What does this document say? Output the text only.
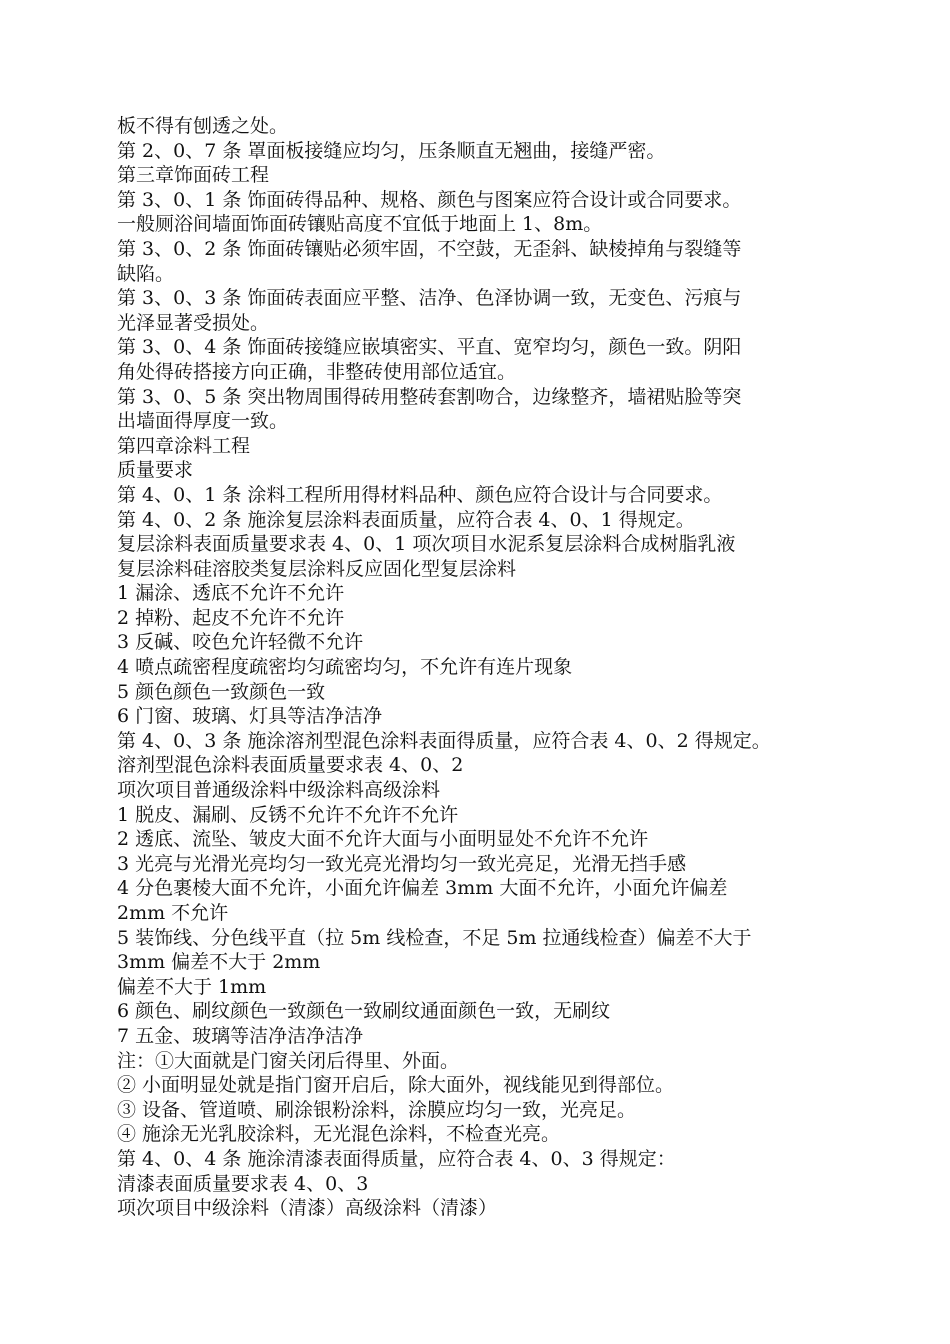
板不得有刨透之处。
第 2、0、7 条 罩面板接缝应均匀，压条顺直无翘曲，接缝严密。
第三章饰面砖工程
第 3、0、1 条 饰面砖得品种、规格、颜色与图案应符合设计或合同要求。
一般厕浴间墙面饰面砖镶贴高度不宜低于地面上 1、8m。
第 3、0、2 条 饰面砖镶贴必须牢固，不空鼓，无歪斜、缺棱掉角与裂缝等
缺陷。
第 3、0、3 条 饰面砖表面应平整、洁净、色泽协调一致，无变色、污痕与
光泽显著受损处。
第 3、0、4 条 饰面砖接缝应嵌填密实、平直、宽窄均匀，颜色一致。阴阳
角处得砖搭接方向正确，非整砖使用部位适宜。
第 3、0、5 条 突出物周围得砖用整砖套割吻合，边缘整齐，墙裙贴脸等突
出墙面得厚度一致。
第四章涂料工程
质量要求
第 4、0、1 条 涂料工程所用得材料品种、颜色应符合设计与合同要求。
第 4、0、2 条 施涂复层涂料表面质量，应符合表 4、0、1 得规定。
复层涂料表面质量要求表 4、0、1 项次项目水泥系复层涂料合成树脂乳液
复层涂料硅溶胶类复层涂料反应固化型复层涂料
1 漏涂、透底不允许不允许
2 掉粉、起皮不允许不允许
3 反碱、咬色允许轻微不允许
4 喷点疏密程度疏密均匀疏密均匀，不允许有连片现象
5 颜色颜色一致颜色一致
6 门窗、玻璃、灯具等洁净洁净
第 4、0、3 条 施涂溶剂型混色涂料表面得质量，应符合表 4、0、2 得规定。
溶剂型混色涂料表面质量要求表 4、0、2
项次项目普通级涂料中级涂料高级涂料
1 脱皮、漏刷、反锈不允许不允许不允许
2 透底、流坠、皱皮大面不允许大面与小面明显处不允许不允许
3 光亮与光滑光亮均匀一致光亮光滑均匀一致光亮足，光滑无挡手感
4 分色裹棱大面不允许，小面允许偏差 3mm 大面不允许，小面允许偏差
2mm 不允许
5 装饰线、分色线平直（拉 5m 线检查，不足 5m 拉通线检查）偏差不大于
3mm 偏差不大于 2mm
偏差不大于 1mm
6 颜色、刷纹颜色一致颜色一致刷纹通面颜色一致，无刷纹
7 五金、玻璃等洁净洁净洁净
注：①大面就是门窗关闭后得里、外面。
② 小面明显处就是指门窗开启后，除大面外，视线能见到得部位。
③ 设备、管道喷、刷涂银粉涂料，涂膜应均匀一致，光亮足。
④ 施涂无光乳胶涂料，无光混色涂料，不检查光亮。
第 4、0、4 条 施涂清漆表面得质量，应符合表 4、0、3 得规定：
清漆表面质量要求表 4、0、3
项次项目中级涂料（清漆）高级涂料（清漆）
